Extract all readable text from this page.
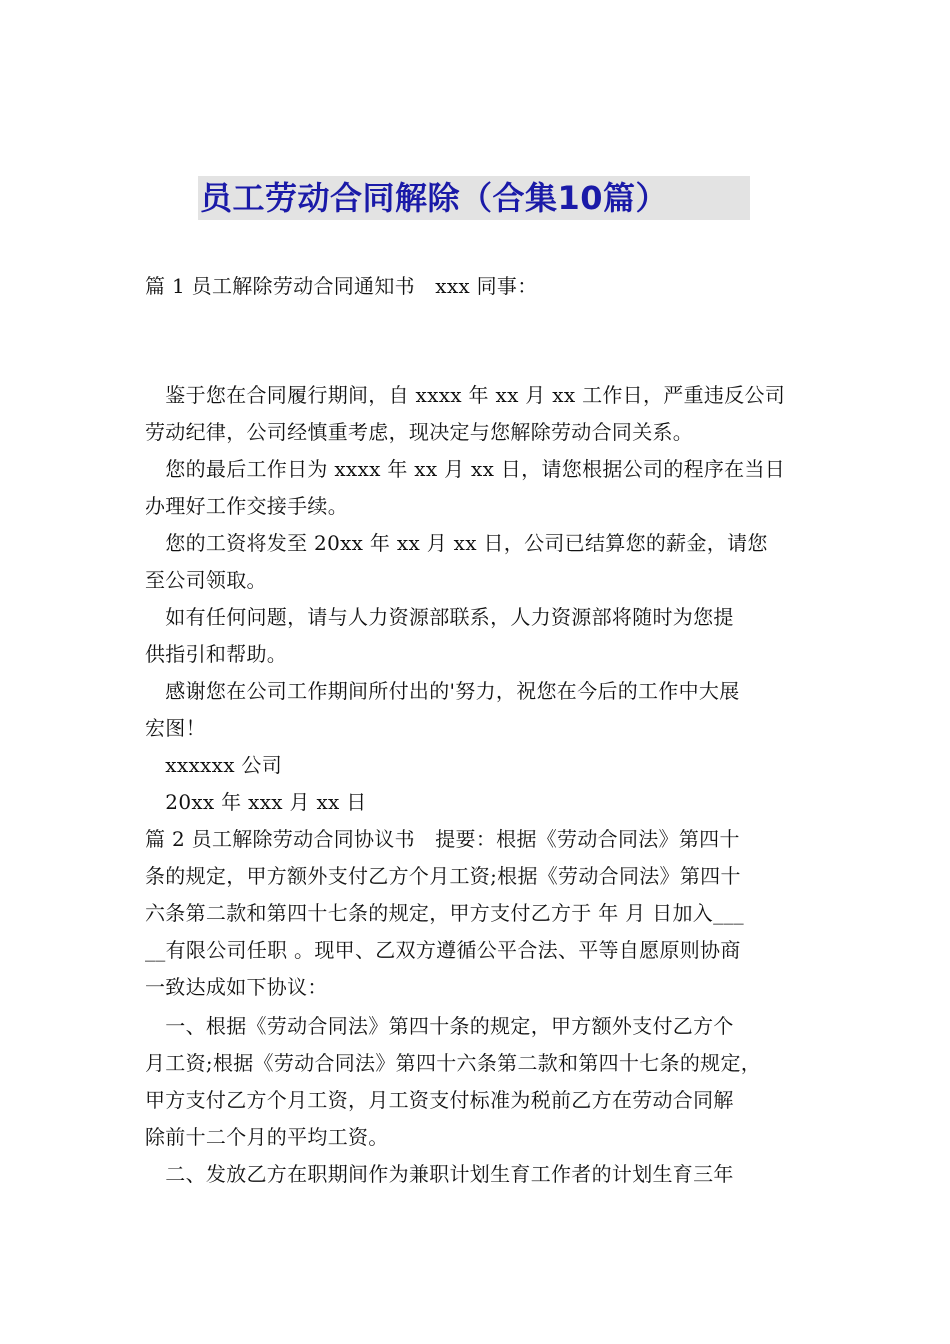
员工劳动合同解除（合集10篇）
篇 1 员工解除劳动合同通知书　xxx 同事：
　鉴于您在合同履行期间，自 xxxx 年 xx 月 xx 工作日，严重违反公司
劳动纪律，公司经慎重考虑，现决定与您解除劳动合同关系。
　您的最后工作日为 xxxx 年 xx 月 xx 日，请您根据公司的程序在当日
办理好工作交接手续。
　您的工资将发至 20xx 年 xx 月 xx 日，公司已结算您的薪金，请您
至公司领取。
　如有任何问题，请与人力资源部联系，人力资源部将随时为您提
供指引和帮助。
　感谢您在公司工作期间所付出的'努力，祝您在今后的工作中大展
宏图！
　xxxxxx 公司
　20xx 年 xxx 月 xx 日
篇 2 员工解除劳动合同协议书　提要：根据《劳动合同法》第四十
条的规定，甲方额外支付乙方个月工资;根据《劳动合同法》第四十
六条第二款和第四十七条的规定，甲方支付乙方于 年 月 日加入___
__有限公司任职 。现甲、乙双方遵循公平合法、平等自愿原则协商
一致达成如下协议：
　一、根据《劳动合同法》第四十条的规定，甲方额外支付乙方个
月工资;根据《劳动合同法》第四十六条第二款和第四十七条的规定，
甲方支付乙方个月工资，月工资支付标准为税前乙方在劳动合同解
除前十二个月的平均工资。
　二、发放乙方在职期间作为兼职计划生育工作者的计划生育三年
